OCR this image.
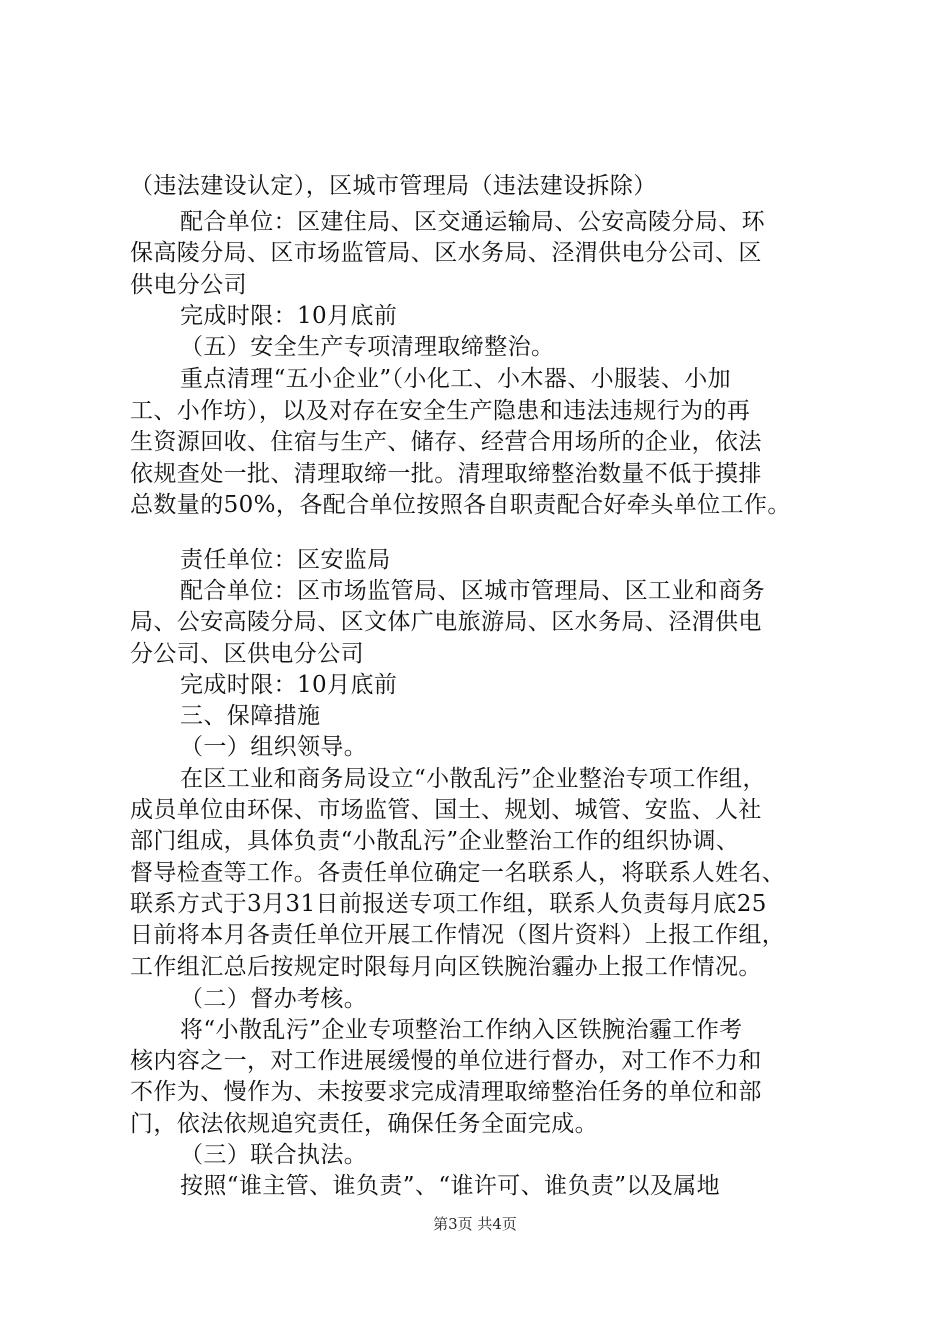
（违法建设认定），区城市管理局（违法建设拆除）
配合单位：区建住局、区交通运输局、公安高陵分局、环
保高陵分局、区市场监管局、区水务局、泾渭供电分公司、区
供电分公司
完成时限：10月底前
（五）安全生产专项清理取缔整治。
重点清理“五小企业”（小化工、小木器、小服装、小加
工、小作坊），以及对存在安全生产隐患和违法违规行为的再
生资源回收、住宿与生产、储存、经营合用场所的企业，依法
依规查处一批、清理取缔一批。清理取缔整治数量不低于摸排
总数量的50%，各配合单位按照各自职责配合好牵头单位工作。
责任单位：区安监局
配合单位：区市场监管局、区城市管理局、区工业和商务
局、公安高陵分局、区文体广电旅游局、区水务局、泾渭供电
分公司、区供电分公司
完成时限：10月底前
三、保障措施
（一）组织领导。
在区工业和商务局设立“小散乱污”企业整治专项工作组，
成员单位由环保、市场监管、国土、规划、城管、安监、人社
部门组成，具体负责“小散乱污”企业整治工作的组织协调、
督导检查等工作。各责任单位确定一名联系人，将联系人姓名、
联系方式于3月31日前报送专项工作组，联系人负责每月底25
日前将本月各责任单位开展工作情况（图片资料）上报工作组，
工作组汇总后按规定时限每月向区铁腕治霾办上报工作情况。
（二）督办考核。
将“小散乱污”企业专项整治工作纳入区铁腕治霾工作考
核内容之一，对工作进展缓慢的单位进行督办，对工作不力和
不作为、慢作为、未按要求完成清理取缔整治任务的单位和部
门，依法依规追究责任，确保任务全面完成。
（三）联合执法。
按照“谁主管、谁负责”、“谁许可、谁负责”以及属地
第3页 共4页
